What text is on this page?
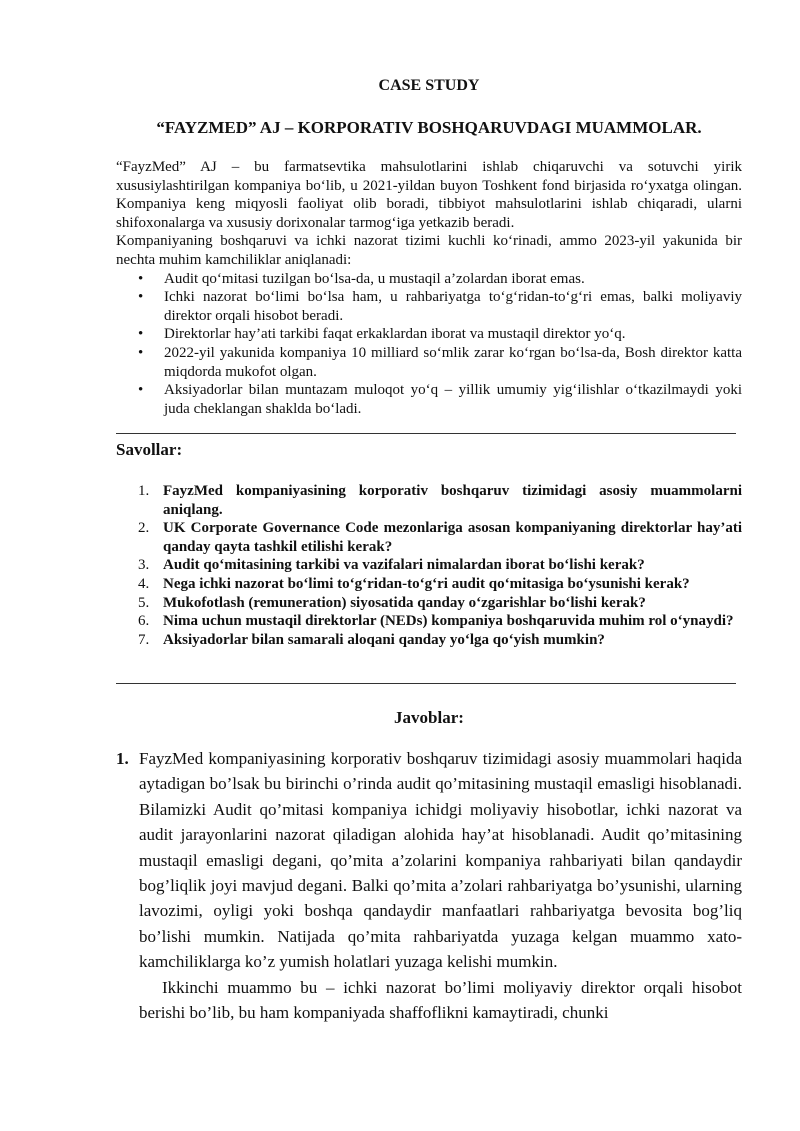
CASE STUDY
“FAYZMED” AJ – KORPORATIV BOSHQARUVDAGI MUAMMOLAR.

“FayzMed” AJ – bu farmatsevtika mahsulotlarini ishlab chiqaruvchi va sotuvchi yirik xususiylashtirilgan kompaniya bo‘lib, u 2021-yildan buyon Toshkent fond birjasida ro‘yxatga olingan. Kompaniya keng miqyosli faoliyat olib boradi, tibbiyot mahsulotlarini ishlab chiqaradi, ularni shifoxonalarga va xususiy dorixonalar tarmog‘iga yetkazib beradi.

Kompaniyaning boshqaruvi va ichki nazorat tizimi kuchli ko‘rinadi, ammo 2023-yil yakunida bir nechta muhim kamchiliklar aniqlanadi:

• Audit qo‘mitasi tuzilgan bo‘lsa-da, u mustaqil a’zolardan iborat emas.
• Ichki nazorat bo‘limi bo‘lsa ham, u rahbariyatga to‘g‘ridan-to‘g‘ri emas, balki moliyaviy direktor orqali hisobot beradi.
• Direktorlar hay’ati tarkibi faqat erkaklardan iborat va mustaqil direktor yo‘q.
• 2022-yil yakunida kompaniya 10 milliard so‘mlik zarar ko‘rgan bo‘lsa-da, Bosh direktor katta miqdorda mukofot olgan.
• Aksiyadorlar bilan muntazam muloqot yo‘q – yillik umumiy yig‘ilishlar o‘tkazilmaydi yoki juda cheklangan shaklda bo‘ladi.
Savollar:
1. FayzMed kompaniyasining korporativ boshqaruv tizimidagi asosiy muammolarni aniqlang.
2. UK Corporate Governance Code mezonlariga asosan kompaniyaning direktorlar hay’ati qanday qayta tashkil etilishi kerak?
3. Audit qo‘mitasining tarkibi va vazifalari nimalardan iborat bo‘lishi kerak?
4. Nega ichki nazorat bo‘limi to‘g‘ridan-to‘g‘ri audit qo‘mitasiga bo‘ysunishi kerak?
5. Mukofotlash (remuneration) siyosatida qanday o‘zgarishlar bo‘lishi kerak?
6. Nima uchun mustaqil direktorlar (NEDs) kompaniya boshqaruvida muhim rol o‘ynaydi?
7. Aksiyadorlar bilan samarali aloqani qanday yo‘lga qo‘yish mumkin?
Javoblar:
1. FayzMed kompaniyasining korporativ boshqaruv tizimidagi asosiy muammolari haqida aytadigan bo’lsak bu birinchi o’rinda audit qo’mitasining mustaqil emasligi hisoblanadi. Bilamizki Audit qo’mitasi kompaniya ichidgi moliyaviy hisobotlar, ichki nazorat va audit jarayonlarini nazorat qiladigan alohida hay’at hisoblanadi. Audit qo’mitasining mustaqil emasligi degani, qo’mita a’zolarini kompaniya rahbariyati bilan qandaydir bog’liqlik joyi mavjud degani. Balki qo’mita a’zolari rahbariyatga bo’ysunishi, ularning lavozimi, oyligi yoki boshqa qandaydir manfaatlari rahbariyatga bevosita bog’liq bo’lishi mumkin. Natijada qo’mita rahbariyatda yuzaga kelgan muammo xato-kamchiliklarga ko’z yumish holatlari yuzaga kelishi mumkin.

Ikkinchi muammo bu – ichki nazorat bo’limi moliyaviy direktor orqali hisobot berishi bo’lib, bu ham kompaniyada shaffoflikni kamaytiradi, chunki
